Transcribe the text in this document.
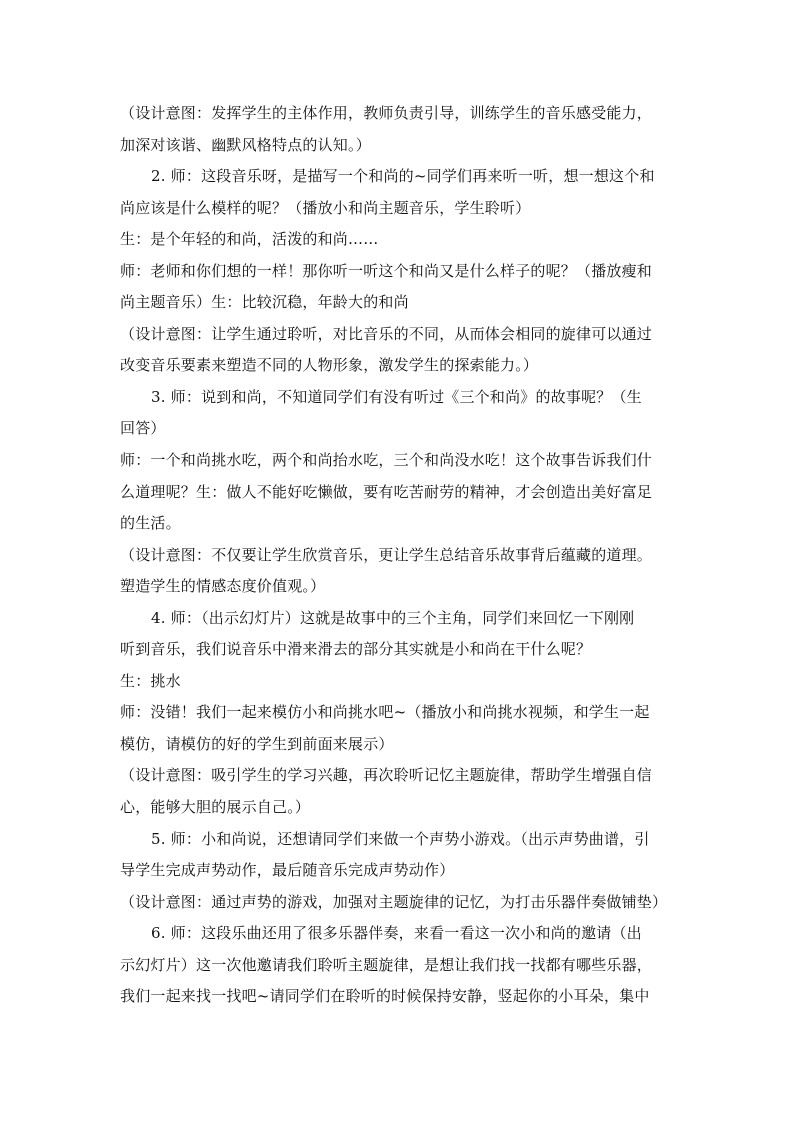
（设计意图：发挥学生的主体作用，教师负责引导，训练学生的音乐感受能力，
加深对该谐、幽默风格特点的认知。）
2. 师：这段音乐呀，是描写一个和尚的~同学们再来听一听，想一想这个和
尚应该是什么模样的呢？（播放小和尚主题音乐，学生聆听）
生：是个年轻的和尚，活泼的和尚……
师：老师和你们想的一样！那你听一听这个和尚又是什么样子的呢？（播放瘦和
尚主题音乐）生：比较沉稳，年龄大的和尚
（设计意图：让学生通过聆听，对比音乐的不同，从而体会相同的旋律可以通过
改变音乐要素来塑造不同的人物形象，激发学生的探索能力。）
3. 师：说到和尚，不知道同学们有没有听过《三个和尚》的故事呢？（生
回答）
师：一个和尚挑水吃，两个和尚抬水吃，三个和尚没水吃！这个故事告诉我们什
么道理呢？生：做人不能好吃懒做，要有吃苦耐劳的精神，才会创造出美好富足
的生活。
（设计意图：不仅要让学生欣赏音乐，更让学生总结音乐故事背后蕴藏的道理。
塑造学生的情感态度价值观。）
4. 师：（出示幻灯片）这就是故事中的三个主角，同学们来回忆一下刚刚
听到音乐，我们说音乐中滑来滑去的部分其实就是小和尚在干什么呢？
生：挑水
师：没错！我们一起来模仿小和尚挑水吧~（播放小和尚挑水视频，和学生一起
模仿，请模仿的好的学生到前面来展示）
（设计意图：吸引学生的学习兴趣，再次聆听记忆主题旋律，帮助学生增强自信
心，能够大胆的展示自己。）
5. 师：小和尚说，还想请同学们来做一个声势小游戏。（出示声势曲谱，引
导学生完成声势动作，最后随音乐完成声势动作）
（设计意图：通过声势的游戏，加强对主题旋律的记忆，为打击乐器伴奏做铺垫）
6. 师：这段乐曲还用了很多乐器伴奏，来看一看这一次小和尚的邀请（出
示幻灯片）这一次他邀请我们聆听主题旋律，是想让我们找一找都有哪些乐器，
我们一起来找一找吧~请同学们在聆听的时候保持安静，竖起你的小耳朵，集中
